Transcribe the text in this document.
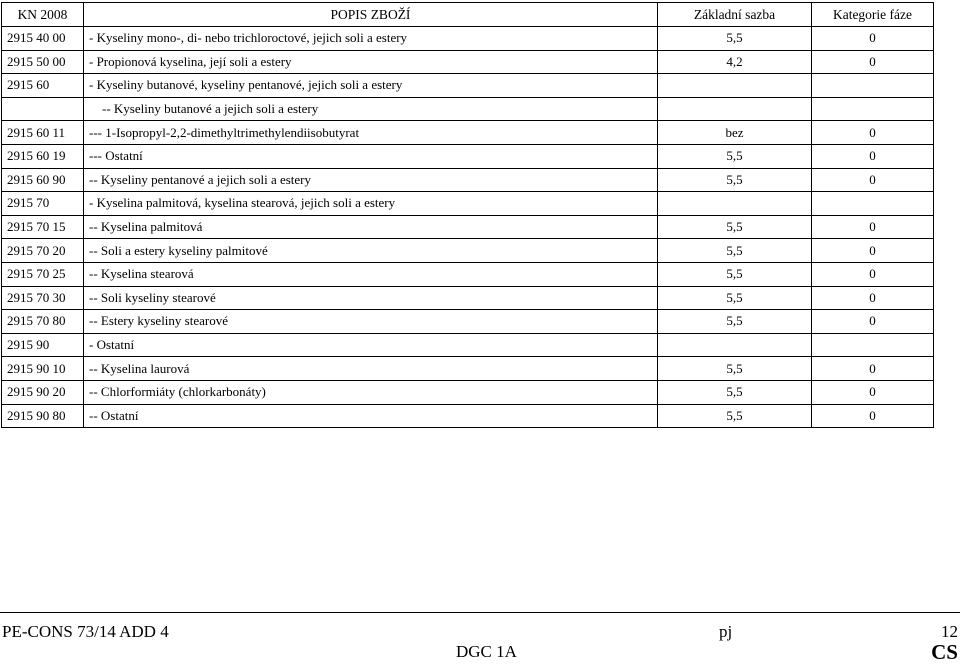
KN 2008	POPIS ZBOŽÍ	Základní sazba	Kategorie fáze
2915 40 00	- Kyseliny mono-, di- nebo trichloroctové, jejich soli a estery	5,5	0
2915 50 00	- Propionová kyselina, její soli a estery	4,2	0
2915 60	- Kyseliny butanové, kyseliny pentanové, jejich soli a estery		
	-- Kyseliny butanové a jejich soli a estery		
2915 60 11	--- 1-Isopropyl-2,2-dimethyltrimethylendiisobutyrat	bez	0
2915 60 19	--- Ostatní	5,5	0
2915 60 90	-- Kyseliny pentanové a jejich soli a estery	5,5	0
2915 70	- Kyselina palmitová, kyselina stearová, jejich soli a estery		
2915 70 15	-- Kyselina palmitová	5,5	0
2915 70 20	-- Soli a estery kyseliny palmitové	5,5	0
2915 70 25	-- Kyselina stearová	5,5	0
2915 70 30	-- Soli kyseliny stearové	5,5	0
2915 70 80	-- Estery kyseliny stearové	5,5	0
2915 90	- Ostatní		
2915 90 10	-- Kyselina laurová	5,5	0
2915 90 20	-- Chlorformiáty (chlorkarbonáty)	5,5	0
2915 90 80	-- Ostatní	5,5	0
PE-CONS 73/14 ADD 4	pj	12
DGC 1A	CS
